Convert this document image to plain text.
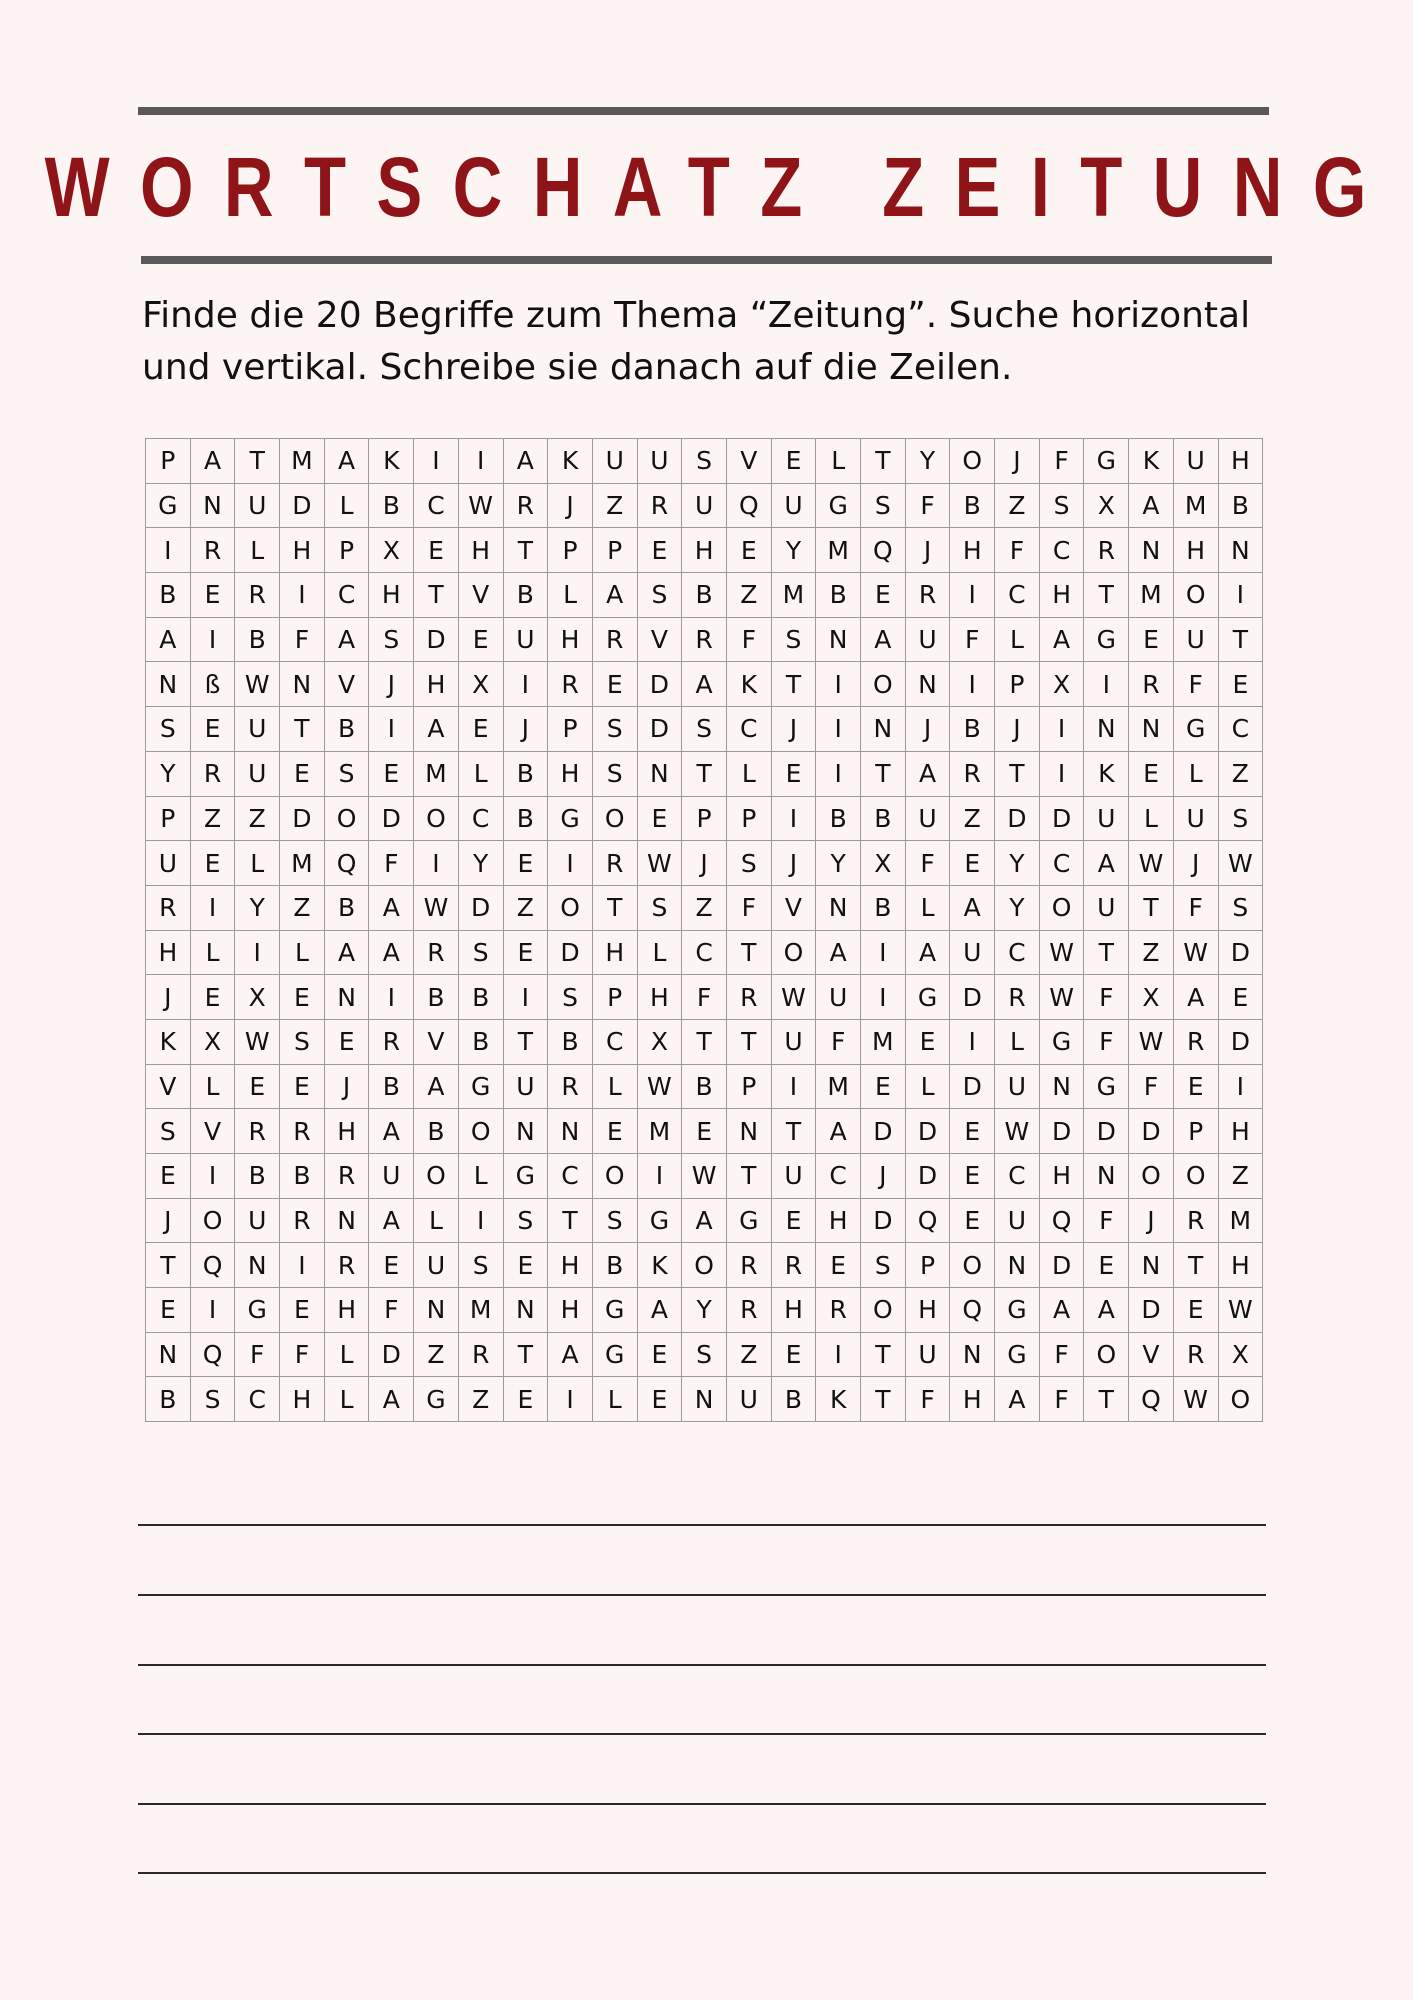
WORTSCHATZ ZEITUNG

Finde die 20 Begriffe zum Thema “Zeitung”. Suche horizontal und vertikal. Schreibe sie danach auf die Zeilen.

P	A	T	M	A	K	I	I	A	K	U	U	S	V	E	L	T	Y	O	J	F	G	K	U	H
G	N	U	D	L	B	C	W	R	J	Z	R	U	Q	U	G	S	F	B	Z	S	X	A	M	B
I	R	L	H	P	X	E	H	T	P	P	E	H	E	Y	M	Q	J	H	F	C	R	N	H	N
B	E	R	I	C	H	T	V	B	L	A	S	B	Z	M	B	E	R	I	C	H	T	M	O	I
A	I	B	F	A	S	D	E	U	H	R	V	R	F	S	N	A	U	F	L	A	G	E	U	T
N	ß	W	N	V	J	H	X	I	R	E	D	A	K	T	I	O	N	I	P	X	I	R	F	E
S	E	U	T	B	I	A	E	J	P	S	D	S	C	J	I	N	J	B	J	I	N	N	G	C
Y	R	U	E	S	E	M	L	B	H	S	N	T	L	E	I	T	A	R	T	I	K	E	L	Z
P	Z	Z	D	O	D	O	C	B	G	O	E	P	P	I	B	B	U	Z	D	D	U	L	U	S
U	E	L	M	Q	F	I	Y	E	I	R	W	J	S	J	Y	X	F	E	Y	C	A	W	J	W
R	I	Y	Z	B	A	W	D	Z	O	T	S	Z	F	V	N	B	L	A	Y	O	U	T	F	S
H	L	I	L	A	A	R	S	E	D	H	L	C	T	O	A	I	A	U	C	W	T	Z	W	D
J	E	X	E	N	I	B	B	I	S	P	H	F	R	W	U	I	G	D	R	W	F	X	A	E
K	X	W	S	E	R	V	B	T	B	C	X	T	T	U	F	M	E	I	L	G	F	W	R	D
V	L	E	E	J	B	A	G	U	R	L	W	B	P	I	M	E	L	D	U	N	G	F	E	I
S	V	R	R	H	A	B	O	N	N	E	M	E	N	T	A	D	D	E	W	D	D	D	P	H
E	I	B	B	R	U	O	L	G	C	O	I	W	T	U	C	J	D	E	C	H	N	O	O	Z
J	O	U	R	N	A	L	I	S	T	S	G	A	G	E	H	D	Q	E	U	Q	F	J	R	M
T	Q	N	I	R	E	U	S	E	H	B	K	O	R	R	E	S	P	O	N	D	E	N	T	H
E	I	G	E	H	F	N	M	N	H	G	A	Y	R	H	R	O	H	Q	G	A	A	D	E	W
N	Q	F	F	L	D	Z	R	T	A	G	E	S	Z	E	I	T	U	N	G	F	O	V	R	X
B	S	C	H	L	A	G	Z	E	I	L	E	N	U	B	K	T	F	H	A	F	T	Q	W	O
